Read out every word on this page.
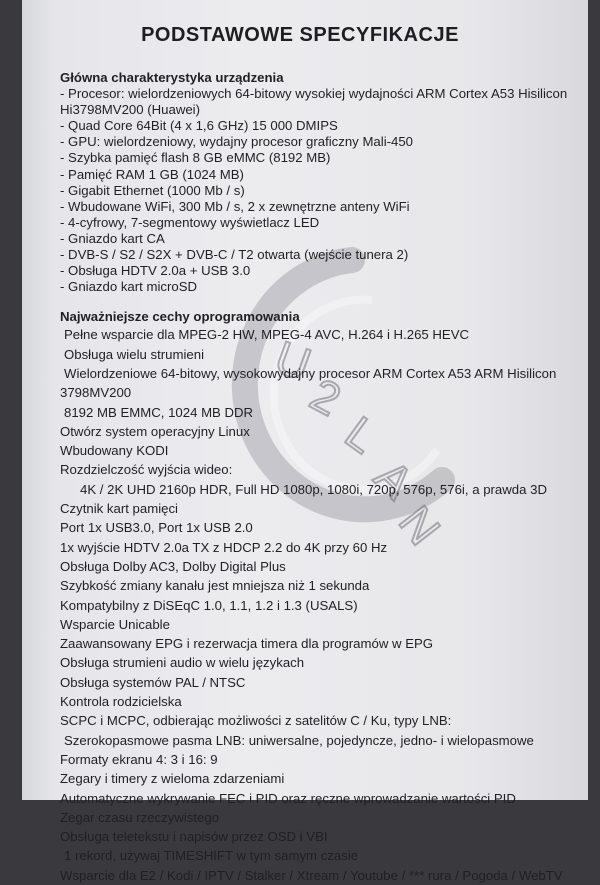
U
2
L
A
N
PODSTAWOWE SPECYFIKACJE

Główna charakterystyka urządzenia

- Procesor: wielordzeniowych 64-bitowy wysokiej wydajności ARM Cortex A53 Hisilicon

Hi3798MV200 (Huawei)

- Quad Core 64Bit (4 x 1,6 GHz) 15 000 DMIPS

- GPU: wielordzeniowy, wydajny procesor graficzny Mali-450

- Szybka pamięć flash 8 GB eMMC (8192 MB)

- Pamięć RAM 1 GB (1024 MB)

- Gigabit Ethernet (1000 Mb / s)

- Wbudowane WiFi, 300 Mb / s, 2 x zewnętrzne anteny WiFi

- 4-cyfrowy, 7-segmentowy wyświetlacz LED

- Gniazdo kart CA

- DVB-S / S2 / S2X + DVB-C / T2 otwarta (wejście tunera 2)

- Obsługa HDTV 2.0a + USB 3.0

- Gniazdo kart microSD

Najważniejsze cechy oprogramowania

Pełne wsparcie dla MPEG-2 HW, MPEG-4 AVC, H.264 i H.265 HEVC

Obsługa wielu strumieni

Wielordzeniowe 64-bitowy, wysokowydajny procesor ARM Cortex A53 ARM Hisilicon

3798MV200

8192 MB EMMC, 1024 MB DDR

Otwórz system operacyjny Linux

Wbudowany KODI

Rozdzielczość wyjścia wideo:

4K / 2K UHD 2160p HDR, Full HD 1080p, 1080i, 720p, 576p, 576i, a prawda 3D

Czytnik kart pamięci

Port 1x USB3.0, Port 1x USB 2.0

1x wyjście HDTV 2.0a TX z HDCP 2.2 do 4K przy 60 Hz

Obsługa Dolby AC3, Dolby Digital Plus

Szybkość zmiany kanału jest mniejsza niż 1 sekunda

Kompatybilny z DiSEqC 1.0, 1.1, 1.2 i 1.3 (USALS)

Wsparcie Unicable

Zaawansowany EPG i rezerwacja timera dla programów w EPG

Obsługa strumieni audio w wielu językach

Obsługa systemów PAL / NTSC

Kontrola rodzicielska

SCPC i MCPC, odbierając możliwości z satelitów C / Ku, typy LNB:

Szerokopasmowe pasma LNB: uniwersalne, pojedyncze, jedno- i wielopasmowe

Formaty ekranu 4: 3 i 16: 9

Zegary i timery z wieloma zdarzeniami

Automatyczne wykrywanie FEC i PID oraz ręczne wprowadzanie wartości PID

Zegar czasu rzeczywistego

Obsługa teletekstu i napisów przez OSD i VBI

1 rekord, używaj TIMESHIFT w tym samym czasie

Wsparcie dla E2 / Kodi / IPTV / Stalker / Xtream / Youtube / *** rura / Pogoda / WebTV
